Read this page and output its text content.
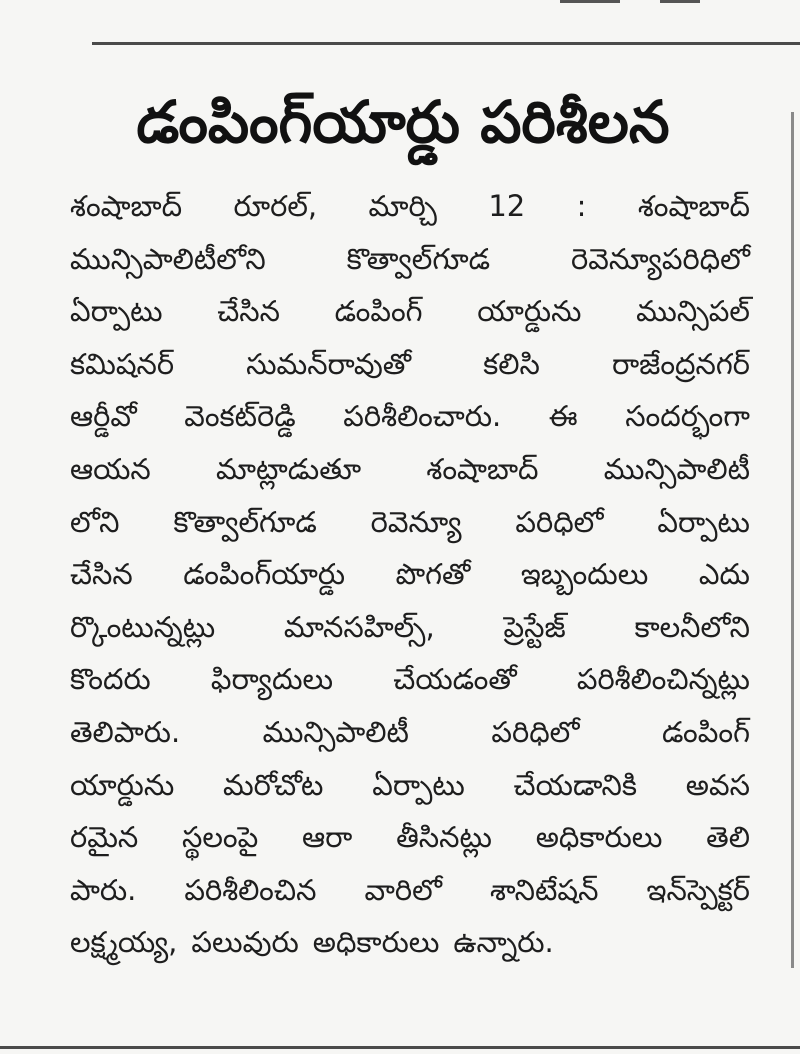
డంపింగ్‌యార్డు పరిశీలన
శంషాబాద్ రూరల్, మార్చి 12 : శంషాబాద్
మున్సిపాలిటీలోని	కొత్వాల్‌గూడ	రెవెన్యూపరిధిలో
ఏర్పాటు చేసిన డంపింగ్ యార్డును మున్సిపల్
కమిషనర్ సుమన్‌రావుతో కలిసి రాజేంద్రనగర్
ఆర్డీవో వెంకట్‌రెడ్డి పరిశీలించారు. ఈ సందర్భంగా
ఆయన మాట్లాడుతూ శంషాబాద్ మున్సిపాలిటీ
లోని కొత్వాల్‌గూడ రెవెన్యూ పరిధిలో ఏర్పాటు
చేసిన డంపింగ్‌యార్డు పొగతో ఇబ్బందులు ఎదు
ర్కొంటున్నట్లు మానసహిల్స్, ప్రెస్టేజ్ కాలనీలోని
కొందరు ఫిర్యాదులు చేయడంతో పరిశీలించిన్నట్లు
తెలిపారు.	మున్సిపాలిటీ	పరిధిలో	డంపింగ్
యార్డును మరోచోట ఏర్పాటు చేయడానికి అవస
రమైన స్థలంపై ఆరా తీసినట్లు అధికారులు తెలి
పారు. పరిశీలించిన వారిలో శానిటేషన్ ఇన్‌స్పెక్టర్
లక్ష్మయ్య, పలువురు అధికారులు ఉన్నారు.
